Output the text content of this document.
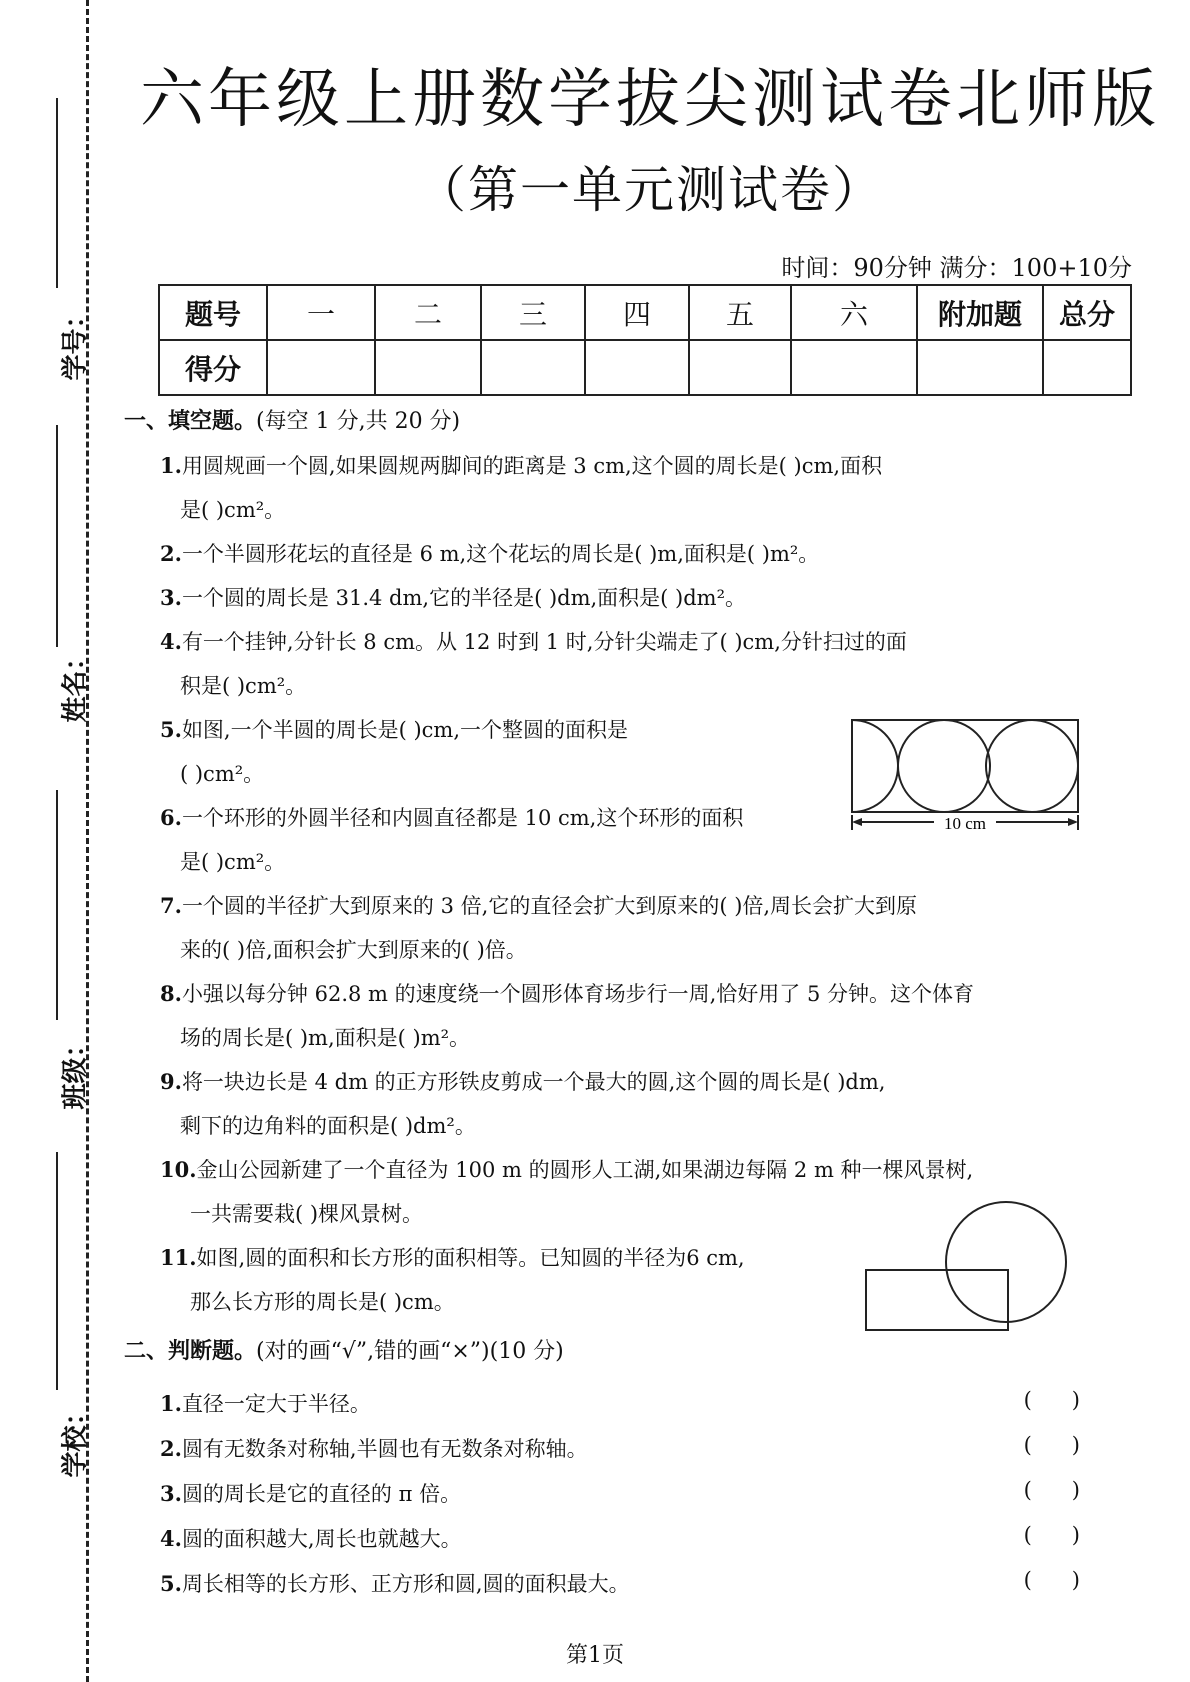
学号：
姓名：
班级：
学校：
六年级上册数学拔尖测试卷北师版
（第一单元测试卷）
时间：90分钟 满分：100+10分
题号	一	二	三	四	五	六	附加题	总分
得分								
一、填空题。(每空 1 分,共 20 分)
1.用圆规画一个圆,如果圆规两脚间的距离是 3 cm,这个圆的周长是( )cm,面积
是( )cm²。
2.一个半圆形花坛的直径是 6 m,这个花坛的周长是( )m,面积是( )m²。
3.一个圆的周长是 31.4 dm,它的半径是( )dm,面积是( )dm²。
4.有一个挂钟,分针长 8 cm。从 12 时到 1 时,分针尖端走了( )cm,分针扫过的面
积是( )cm²。
5.如图,一个半圆的周长是( )cm,一个整圆的面积是
( )cm²。
6.一个环形的外圆半径和内圆直径都是 10 cm,这个环形的面积
是( )cm²。
10 cm
7.一个圆的半径扩大到原来的 3 倍,它的直径会扩大到原来的( )倍,周长会扩大到原
来的( )倍,面积会扩大到原来的( )倍。
8.小强以每分钟 62.8 m 的速度绕一个圆形体育场步行一周,恰好用了 5 分钟。这个体育
场的周长是( )m,面积是( )m²。
9.将一块边长是 4 dm 的正方形铁皮剪成一个最大的圆,这个圆的周长是( )dm,
剩下的边角料的面积是( )dm²。
10.金山公园新建了一个直径为 100 m 的圆形人工湖,如果湖边每隔 2 m 种一棵风景树,
一共需要栽( )棵风景树。
11.如图,圆的面积和长方形的面积相等。已知圆的半径为6 cm,
那么长方形的周长是( )cm。
二、判断题。(对的画“√”,错的画“×”)(10 分)
1.直径一定大于半径。	(      )
2.圆有无数条对称轴,半圆也有无数条对称轴。	(      )
3.圆的周长是它的直径的 π 倍。	(      )
4.圆的面积越大,周长也就越大。	(      )
5.周长相等的长方形、正方形和圆,圆的面积最大。	(      )
第1页
